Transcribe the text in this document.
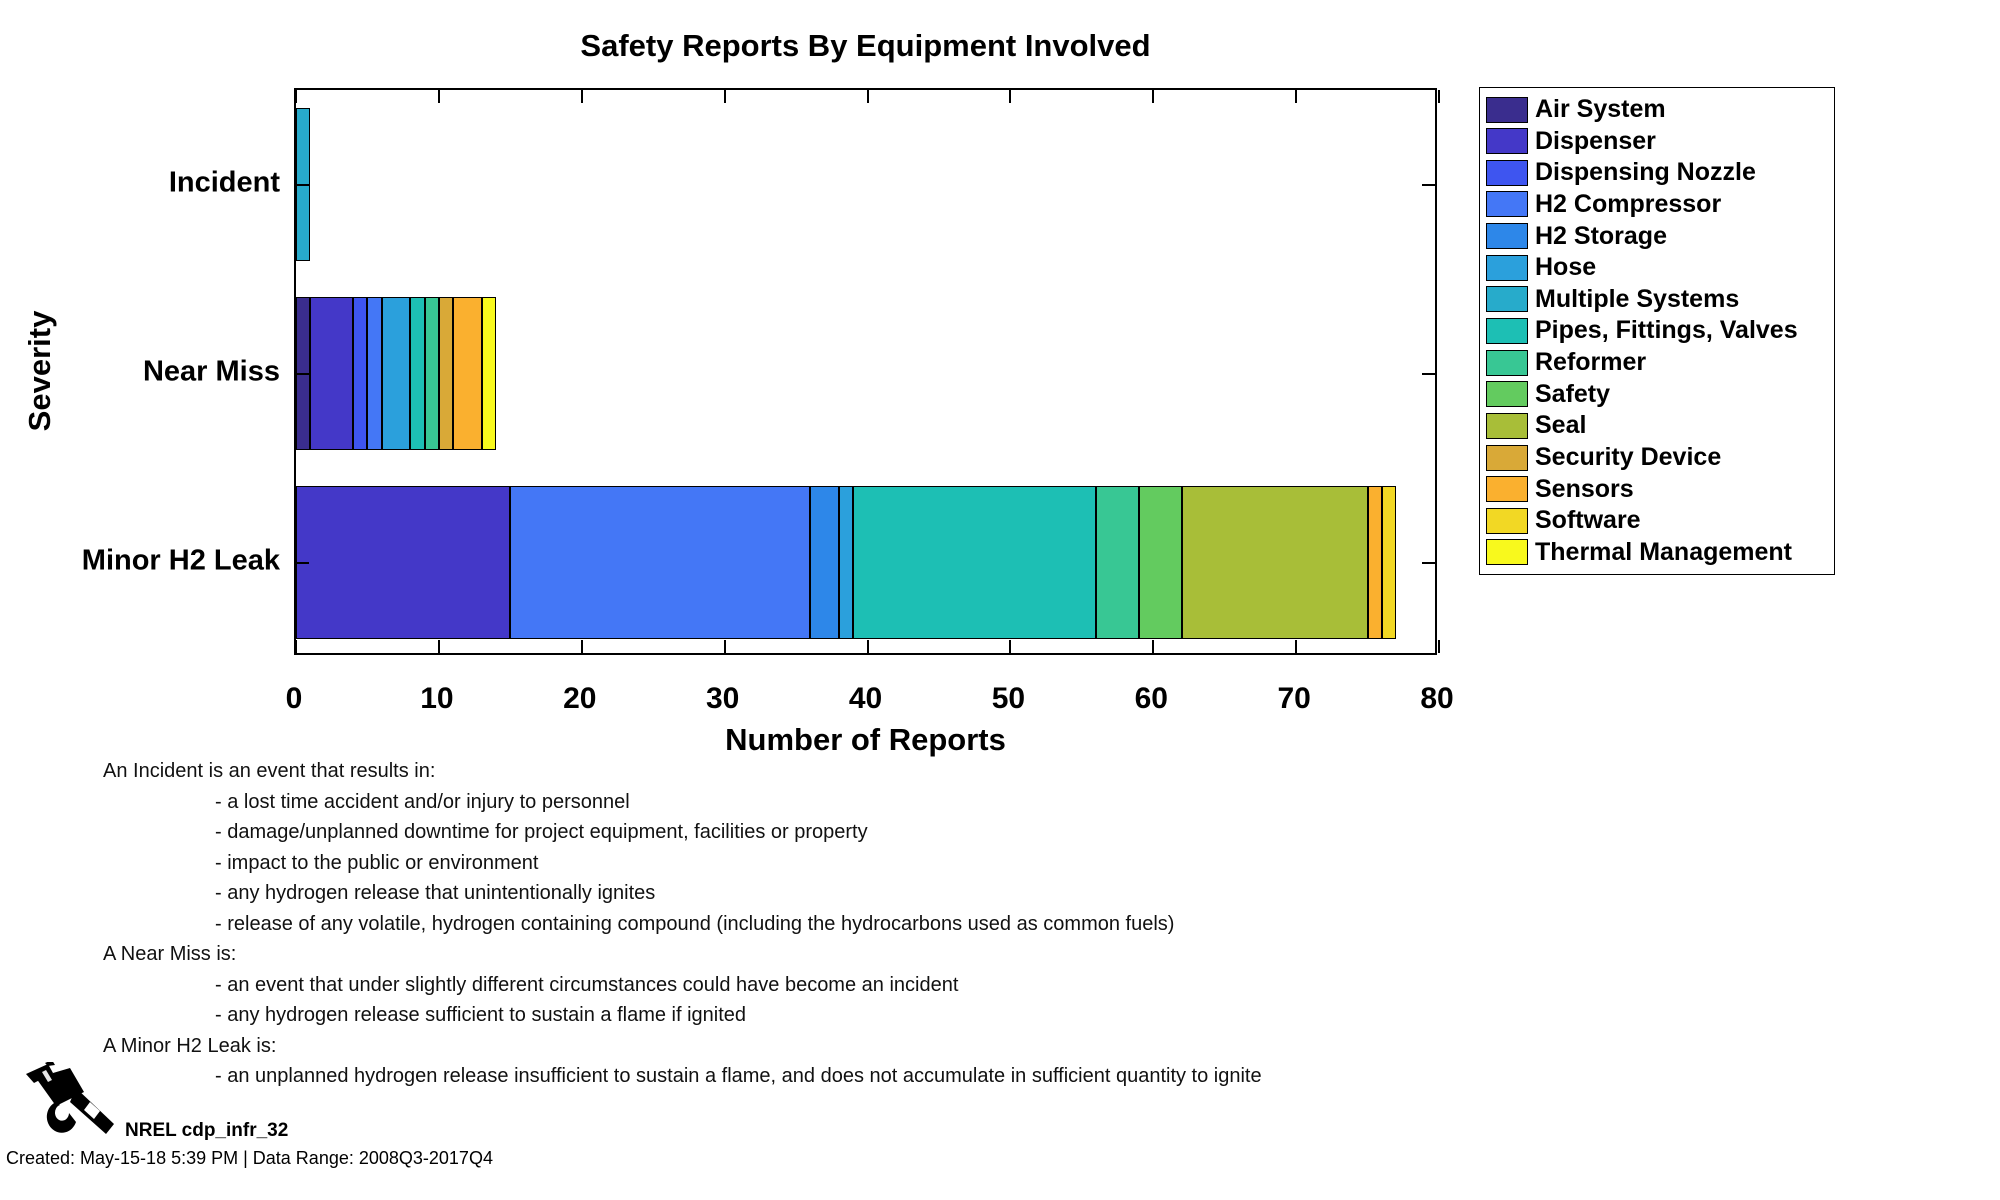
Safety Reports By Equipment Involved
0	10	20	30	40	50	60	70	80
Number of Reports
Severity
Incident
Near Miss
Minor H2 Leak
Air System
Dispenser
Dispensing Nozzle
H2 Compressor
H2 Storage
Hose
Multiple Systems
Pipes, Fittings, Valves
Reformer
Safety
Seal
Security Device
Sensors
Software
Thermal Management
An Incident is an event that results in:
- a lost time accident and/or injury to personnel
- damage/unplanned downtime for project equipment, facilities or property
- impact to the public or environment
- any hydrogen release that unintentionally ignites
- release of any volatile, hydrogen containing compound (including the hydrocarbons used as common fuels)
A Near Miss is:
- an event that under slightly different circumstances could have become an incident
- any hydrogen release sufficient to sustain a flame if ignited
A Minor H2 Leak is:
- an unplanned hydrogen release insufficient to sustain a flame, and does not accumulate in sufficient quantity to ignite
NREL cdp_infr_32
Created: May-15-18 5:39 PM | Data Range: 2008Q3-2017Q4
